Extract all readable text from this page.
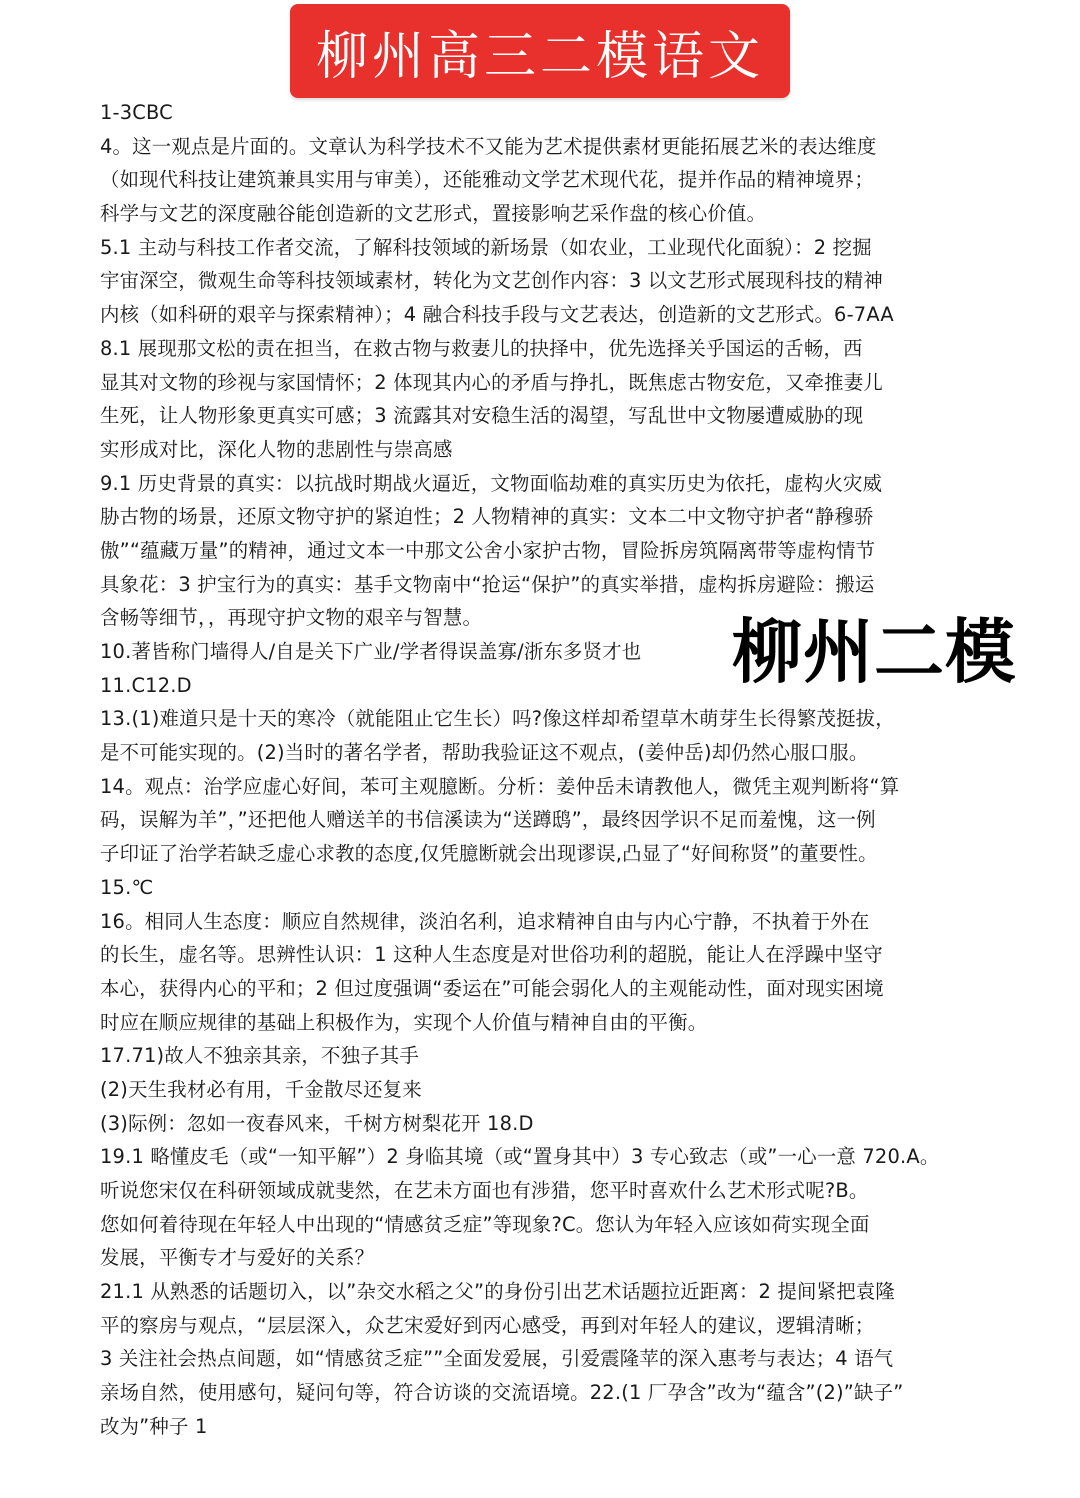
柳州高三二模语文
1-3CBC
4。这一观点是片面的。文章认为科学技术不又能为艺术提供素材更能拓展艺米的表达维度
（如现代科技让建筑兼具实用与审美），还能雅动文学艺术现代花，提并作品的精神境界；
科学与文艺的深度融谷能创造新的文艺形式，置接影响艺采作盘的核心价值。
5.1 主动与科技工作者交流，了解科技领域的新场景（如农业，工业现代化面貌）：2 挖掘
宇宙深空，微观生命等科技领域素材，转化为文艺创作内容：3 以文艺形式展现科技的精神
内核（如科研的艰辛与探索精神）；4 融合科技手段与文艺表达，创造新的文艺形式。6-7AA
8.1 展现那文松的责在担当，在救古物与救妻儿的抉择中，优先选择关乎国运的舌畅，西
显其对文物的珍视与家国情怀；2 体现其内心的矛盾与挣扎，既焦虑古物安危，又牵推妻儿
生死，让人物形象更真实可感；3 流露其对安稳生活的渴望，写乱世中文物屡遭威胁的现
实形成对比，深化人物的悲剧性与崇高感
9.1 历史背景的真实：以抗战时期战火逼近，文物面临劫难的真实历史为依托，虚构火灾威
胁古物的场景，还原文物守护的紧迫性；2 人物精神的真实：文本二中文物守护者“静穆骄
傲”“蕴藏万量”的精神，通过文本一中那文公舍小家护古物，冒险拆房筑隔离带等虚构情节
具象花：3 护宝行为的真实：基手文物南中“抢运“保护”的真实举措，虚构拆房避险：搬运
含畅等细节，，再现守护文物的艰辛与智慧。
10.著皆称门墙得人/自是关下广业/学者得误盖寡/浙东多贤才也
11.C12.D
13.(1)难道只是十天的寒冷（就能阻止它生长）吗?像这样却希望草木萌芽生长得繁茂挺拔，
是不可能实现的。(2)当时的著名学者，帮助我验证这不观点，(姜仲岳)却仍然心服口服。
14。观点：治学应虚心好间，苯可主观臆断。分析：姜仲岳未请教他人，微凭主观判断将“算
码，误解为羊”，”还把他人赠送羊的书信溪读为“送蹲鸱”，最终因学识不足而羞愧，这一例
子印证了治学若缺乏虚心求教的态度,仅凭臆断就会出现谬误,凸显了“好间称贤”的董要性。
15.℃
16。相同人生态度：顺应自然规律，淡泊名利，追求精神自由与内心宁静，不执着于外在
的长生，虚名等。思辨性认识：1 这种人生态度是对世俗功利的超脱，能让人在浮躁中坚守
本心，获得内心的平和；2 但过度强调“委运在”可能会弱化人的主观能动性，面对现实困境
时应在顺应规律的基础上积极作为，实现个人价值与精神自由的平衡。
17.71)故人不独亲其亲，不独子其手
(2)天生我材必有用，千金散尽还复来
(3)际例：忽如一夜春风来，千树方树梨花开 18.D
19.1 略懂皮毛（或“一知平解”）2 身临其境（或“置身其中）3 专心致志（或”一心一意 720.A。
听说您宋仅在科研领域成就斐然，在艺未方面也有涉猎，您平时喜欢什么艺术形式呢?B。
您如何着待现在年轻人中出现的“情感贫乏症”等现象?C。您认为年轻入应该如荷实现全面
发展，平衡专才与爱好的关系？
21.1 从熟悉的话题切入，以”杂交水稻之父”的身份引出艺术话题拉近距离：2 提间紧把袁隆
平的察房与观点，“层层深入，众艺宋爱好到丙心感受，再到对年轻人的建议，逻辑清晰；
3 关注社会热点间题，如“情感贫乏症””全面发爱展，引爱震隆苹的深入惠考与表达；4 语气
亲场自然，使用感句，疑问句等，符合访谈的交流语境。22.(1 厂孕含”改为“蕴含”(2)”缺子”
改为”种子 1
柳州二模
